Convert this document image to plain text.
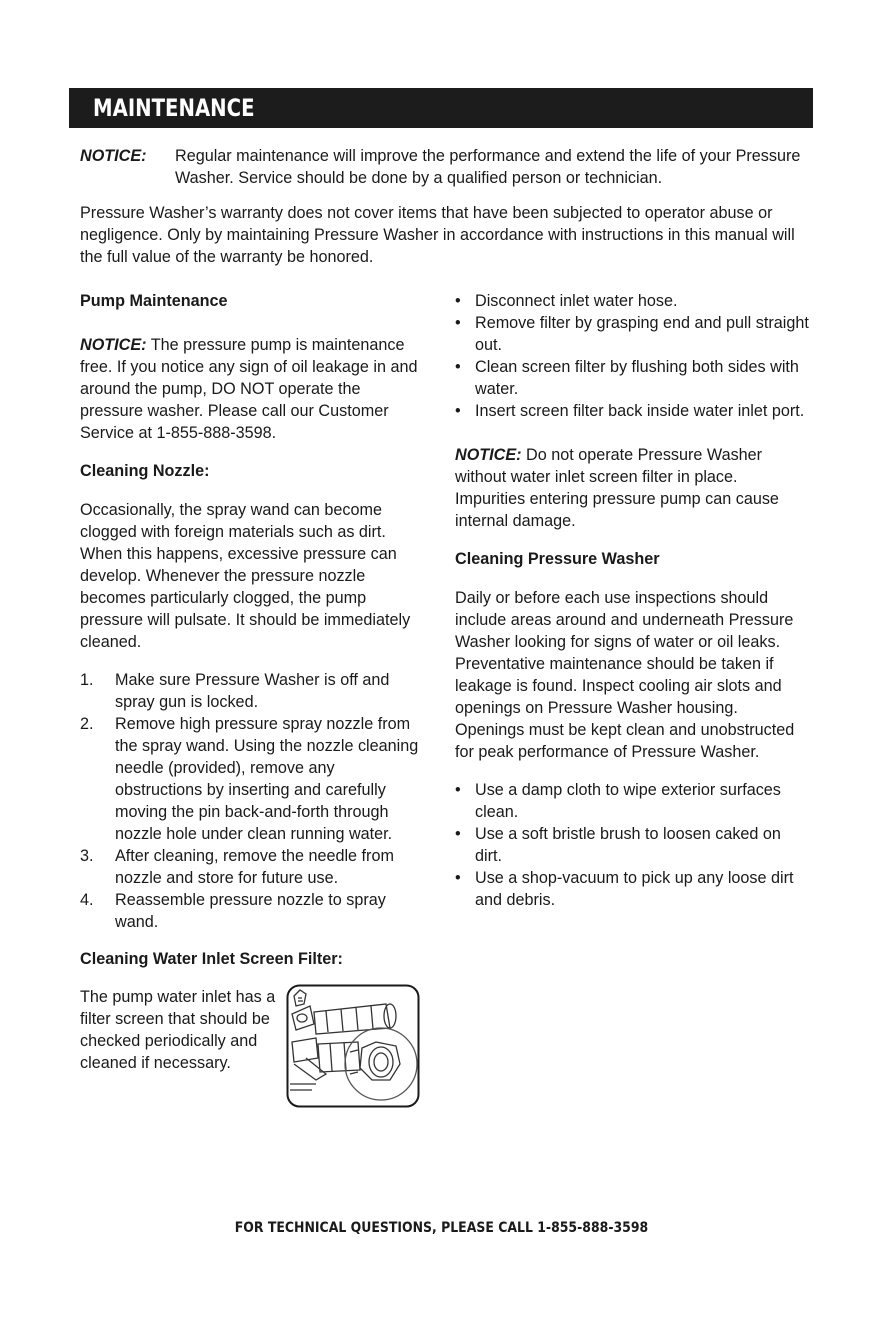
MAINTENANCE
NOTICE: Regular maintenance will improve the performance and extend the life of your Pressure Washer. Service should be done by a qualified person or technician.

Pressure Washer’s warranty does not cover items that have been subjected to operator abuse or negligence. Only by maintaining Pressure Washer in accordance with instructions in this manual will the full value of the warranty be honored.

Pump Maintenance

NOTICE: The pressure pump is maintenance free. If you notice any sign of oil leakage in and around the pump, DO NOT operate the pressure washer. Please call our Customer Service at 1-855-888-3598.

Cleaning Nozzle:

Occasionally, the spray wand can become clogged with foreign materials such as dirt. When this happens, excessive pressure can develop. Whenever the pressure nozzle becomes particularly clogged, the pump pressure will pulsate. It should be immediately cleaned.

1. Make sure Pressure Washer is off and spray gun is locked.
2. Remove high pressure spray nozzle from the spray wand. Using the nozzle cleaning needle (provided), remove any obstructions by inserting and carefully moving the pin back-and-forth through nozzle hole under clean running water.
3. After cleaning, remove the needle from nozzle and store for future use.
4. Reassemble pressure nozzle to spray wand.

Cleaning Water Inlet Screen Filter:

The pump water inlet has a filter screen that should be checked periodically and cleaned if necessary.

• Disconnect inlet water hose.
• Remove filter by grasping end and pull straight out.
• Clean screen filter by flushing both sides with water.
• Insert screen filter back inside water inlet port.

NOTICE: Do not operate Pressure Washer without water inlet screen filter in place. Impurities entering pressure pump can cause internal damage.

Cleaning Pressure Washer

Daily or before each use inspections should include areas around and underneath Pressure Washer looking for signs of water or oil leaks. Preventative maintenance should be taken if leakage is found. Inspect cooling air slots and openings on Pressure Washer housing. Openings must be kept clean and unobstructed for peak performance of Pressure Washer.

• Use a damp cloth to wipe exterior surfaces clean.
• Use a soft bristle brush to loosen caked on dirt.
• Use a shop-vacuum to pick up any loose dirt and debris.
FOR TECHNICAL QUESTIONS, PLEASE CALL 1-855-888-3598
